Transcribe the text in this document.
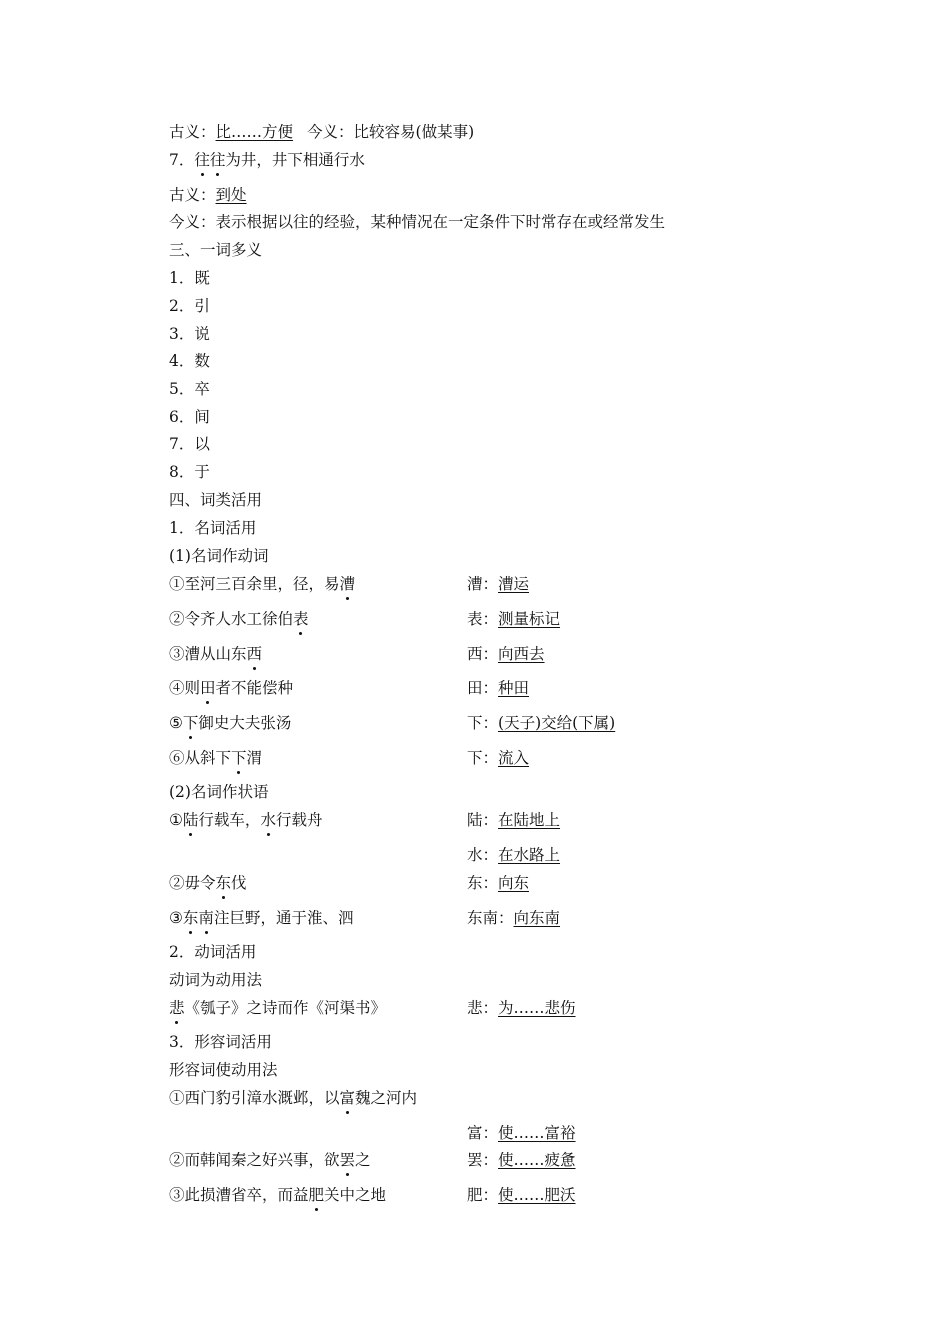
古义：比……方便 今义：比较容易(做某事)
7．往往为井，井下相通行水
古义：到处
今义：表示根据以往的经验，某种情况在一定条件下时常存在或经常发生
三、一词多义
1．既
2．引
3．说
4．数
5．卒
6．间
7．以
8．于
四、词类活用
1．名词活用
(1)名词作动词
①至河三百余里，径，易漕	漕：漕运
②令齐人水工徐伯表	表：测量标记
③漕从山东西	西：向西去
④则田者不能偿种	田：种田
⑤下御史大夫张汤	下：(天子)交给(下属)
⑥从斜下下渭	下：流入
(2)名词作状语
①陆行载车，水行载舟	陆：在陆地上
水：在水路上
②毋令东伐	东：向东
③东南注巨野，通于淮、泗	东南：向东南
2．动词活用
动词为动用法
悲《瓠子》之诗而作《河渠书》	悲：为……悲伤
3．形容词活用
形容词使动用法
①西门豹引漳水溉邺，以富魏之河内
富：使……富裕
②而韩闻秦之好兴事，欲罢之	罢：使……疲惫
③此损漕省卒，而益肥关中之地	肥：使……肥沃
